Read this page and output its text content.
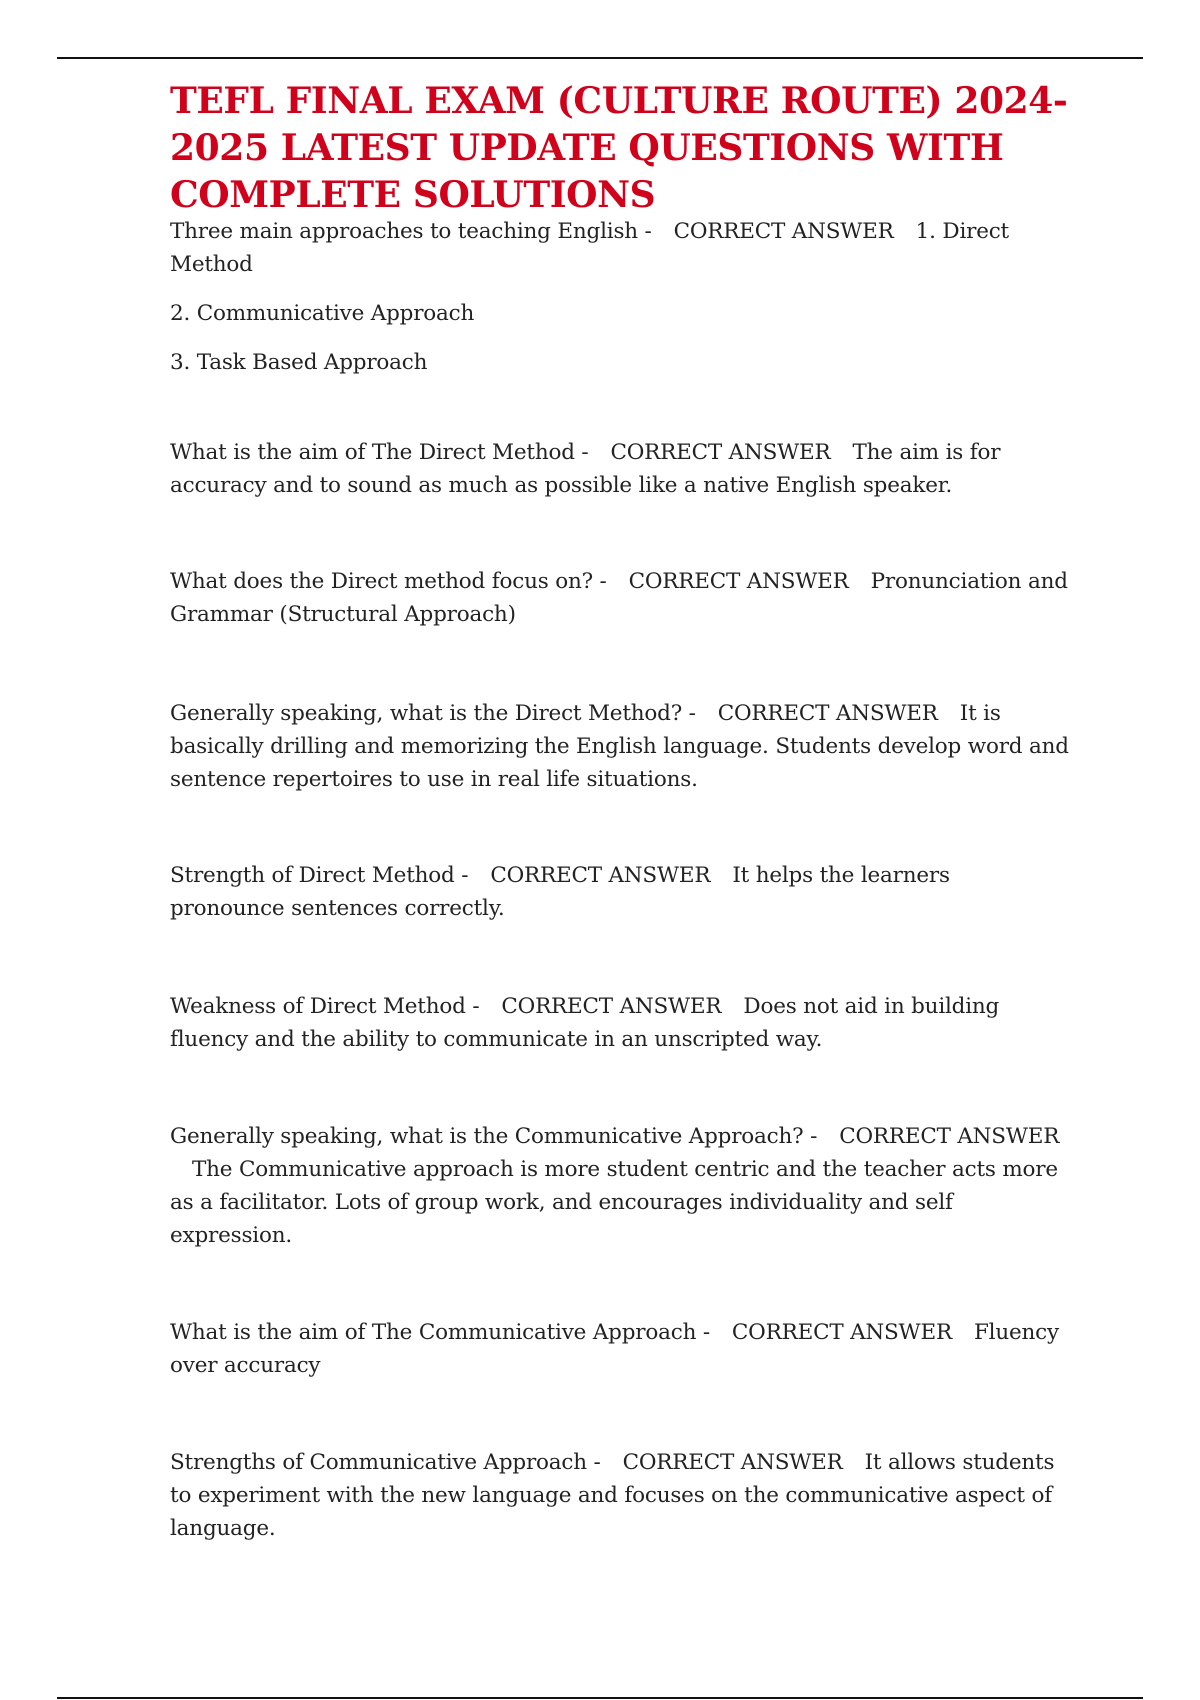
TEFL FINAL EXAM (CULTURE ROUTE) 2024-2025 LATEST UPDATE QUESTIONS WITH COMPLETE SOLUTIONS

Three main approaches to teaching English - CORRECT ANSWER 1. Direct Method

2. Communicative Approach

3. Task Based Approach

What is the aim of The Direct Method - CORRECT ANSWER The aim is for accuracy and to sound as much as possible like a native English speaker.

What does the Direct method focus on? - CORRECT ANSWER Pronunciation and Grammar (Structural Approach)

Generally speaking, what is the Direct Method? - CORRECT ANSWER It is basically drilling and memorizing the English language. Students develop word and sentence repertoires to use in real life situations.

Strength of Direct Method - CORRECT ANSWER It helps the learners pronounce sentences correctly.

Weakness of Direct Method - CORRECT ANSWER Does not aid in building fluency and the ability to communicate in an unscripted way.

Generally speaking, what is the Communicative Approach? - CORRECT ANSWERThe Communicative approach is more student centric and the teacher acts more as a facilitator. Lots of group work, and encourages individuality and self expression.

What is the aim of The Communicative Approach - CORRECT ANSWER Fluency over accuracy

Strengths of Communicative Approach - CORRECT ANSWER It allows students to experiment with the new language and focuses on the communicative aspect of language.
